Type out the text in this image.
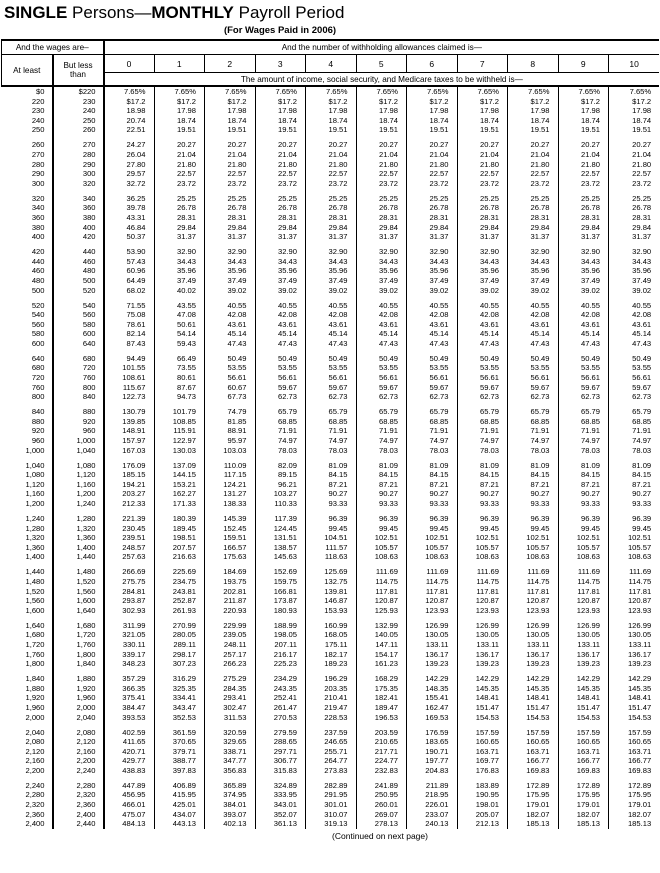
SINGLE Persons—MONTHLY Payroll Period
(For Wages Paid in 2006)
And the wages are–		And the number of withholding allowances claimed is—										
At least	But less than	0	1	2	3	4	5	6	7	8	9	10
		The amount of income, social security, and Medicare taxes to be withheld is—										
$0	$220	7.65%	7.65%	7.65%	7.65%	7.65%	7.65%	7.65%	7.65%	7.65%	7.65%	7.65%
220	230	$17.2	$17.2	$17.2	$17.2	$17.2	$17.2	$17.2	$17.2	$17.2	$17.2	$17.2
230	240	18.98	17.98	17.98	17.98	17.98	17.98	17.98	17.98	17.98	17.98	17.98
240	250	20.74	18.74	18.74	18.74	18.74	18.74	18.74	18.74	18.74	18.74	18.74
250	260	22.51	19.51	19.51	19.51	19.51	19.51	19.51	19.51	19.51	19.51	19.51
260	270	24.27	20.27	20.27	20.27	20.27	20.27	20.27	20.27	20.27	20.27	20.27
270	280	26.04	21.04	21.04	21.04	21.04	21.04	21.04	21.04	21.04	21.04	21.04
280	290	27.80	21.80	21.80	21.80	21.80	21.80	21.80	21.80	21.80	21.80	21.80
290	300	29.57	22.57	22.57	22.57	22.57	22.57	22.57	22.57	22.57	22.57	22.57
300	320	32.72	23.72	23.72	23.72	23.72	23.72	23.72	23.72	23.72	23.72	23.72
320	340	36.25	25.25	25.25	25.25	25.25	25.25	25.25	25.25	25.25	25.25	25.25
340	360	39.78	26.78	26.78	26.78	26.78	26.78	26.78	26.78	26.78	26.78	26.78
360	380	43.31	28.31	28.31	28.31	28.31	28.31	28.31	28.31	28.31	28.31	28.31
380	400	46.84	29.84	29.84	29.84	29.84	29.84	29.84	29.84	29.84	29.84	29.84
400	420	50.37	31.37	31.37	31.37	31.37	31.37	31.37	31.37	31.37	31.37	31.37
420	440	53.90	32.90	32.90	32.90	32.90	32.90	32.90	32.90	32.90	32.90	32.90
440	460	57.43	34.43	34.43	34.43	34.43	34.43	34.43	34.43	34.43	34.43	34.43
460	480	60.96	35.96	35.96	35.96	35.96	35.96	35.96	35.96	35.96	35.96	35.96
480	500	64.49	37.49	37.49	37.49	37.49	37.49	37.49	37.49	37.49	37.49	37.49
500	520	68.02	40.02	39.02	39.02	39.02	39.02	39.02	39.02	39.02	39.02	39.02
520	540	71.55	43.55	40.55	40.55	40.55	40.55	40.55	40.55	40.55	40.55	40.55
540	560	75.08	47.08	42.08	42.08	42.08	42.08	42.08	42.08	42.08	42.08	42.08
560	580	78.61	50.61	43.61	43.61	43.61	43.61	43.61	43.61	43.61	43.61	43.61
580	600	82.14	54.14	45.14	45.14	45.14	45.14	45.14	45.14	45.14	45.14	45.14
600	640	87.43	59.43	47.43	47.43	47.43	47.43	47.43	47.43	47.43	47.43	47.43
640	680	94.49	66.49	50.49	50.49	50.49	50.49	50.49	50.49	50.49	50.49	50.49
680	720	101.55	73.55	53.55	53.55	53.55	53.55	53.55	53.55	53.55	53.55	53.55
720	760	108.61	80.61	56.61	56.61	56.61	56.61	56.61	56.61	56.61	56.61	56.61
760	800	115.67	87.67	60.67	59.67	59.67	59.67	59.67	59.67	59.67	59.67	59.67
800	840	122.73	94.73	67.73	62.73	62.73	62.73	62.73	62.73	62.73	62.73	62.73
840	880	130.79	101.79	74.79	65.79	65.79	65.79	65.79	65.79	65.79	65.79	65.79
880	920	139.85	108.85	81.85	68.85	68.85	68.85	68.85	68.85	68.85	68.85	68.85
920	960	148.91	115.91	88.91	71.91	71.91	71.91	71.91	71.91	71.91	71.91	71.91
960	1,000	157.97	122.97	95.97	74.97	74.97	74.97	74.97	74.97	74.97	74.97	74.97
1,000	1,040	167.03	130.03	103.03	78.03	78.03	78.03	78.03	78.03	78.03	78.03	78.03
1,040	1,080	176.09	137.09	110.09	82.09	81.09	81.09	81.09	81.09	81.09	81.09	81.09
1,080	1,120	185.15	144.15	117.15	89.15	84.15	84.15	84.15	84.15	84.15	84.15	84.15
1,120	1,160	194.21	153.21	124.21	96.21	87.21	87.21	87.21	87.21	87.21	87.21	87.21
1,160	1,200	203.27	162.27	131.27	103.27	90.27	90.27	90.27	90.27	90.27	90.27	90.27
1,200	1,240	212.33	171.33	138.33	110.33	93.33	93.33	93.33	93.33	93.33	93.33	93.33
1,240	1,280	221.39	180.39	145.39	117.39	96.39	96.39	96.39	96.39	96.39	96.39	96.39
1,280	1,320	230.45	189.45	152.45	124.45	99.45	99.45	99.45	99.45	99.45	99.45	99.45
1,320	1,360	239.51	198.51	159.51	131.51	104.51	102.51	102.51	102.51	102.51	102.51	102.51
1,360	1,400	248.57	207.57	166.57	138.57	111.57	105.57	105.57	105.57	105.57	105.57	105.57
1,400	1,440	257.63	216.63	175.63	145.63	118.63	108.63	108.63	108.63	108.63	108.63	108.63
1,440	1,480	266.69	225.69	184.69	152.69	125.69	111.69	111.69	111.69	111.69	111.69	111.69
1,480	1,520	275.75	234.75	193.75	159.75	132.75	114.75	114.75	114.75	114.75	114.75	114.75
1,520	1,560	284.81	243.81	202.81	166.81	139.81	117.81	117.81	117.81	117.81	117.81	117.81
1,560	1,600	293.87	252.87	211.87	173.87	146.87	120.87	120.87	120.87	120.87	120.87	120.87
1,600	1,640	302.93	261.93	220.93	180.93	153.93	125.93	123.93	123.93	123.93	123.93	123.93
1,640	1,680	311.99	270.99	229.99	188.99	160.99	132.99	126.99	126.99	126.99	126.99	126.99
1,680	1,720	321.05	280.05	239.05	198.05	168.05	140.05	130.05	130.05	130.05	130.05	130.05
1,720	1,760	330.11	289.11	248.11	207.11	175.11	147.11	133.11	133.11	133.11	133.11	133.11
1,760	1,800	339.17	298.17	257.17	216.17	182.17	154.17	136.17	136.17	136.17	136.17	136.17
1,800	1,840	348.23	307.23	266.23	225.23	189.23	161.23	139.23	139.23	139.23	139.23	139.23
1,840	1,880	357.29	316.29	275.29	234.29	196.29	168.29	142.29	142.29	142.29	142.29	142.29
1,880	1,920	366.35	325.35	284.35	243.35	203.35	175.35	148.35	145.35	145.35	145.35	145.35
1,920	1,960	375.41	334.41	293.41	252.41	210.41	182.41	155.41	148.41	148.41	148.41	148.41
1,960	2,000	384.47	343.47	302.47	261.47	219.47	189.47	162.47	151.47	151.47	151.47	151.47
2,000	2,040	393.53	352.53	311.53	270.53	228.53	196.53	169.53	154.53	154.53	154.53	154.53
2,040	2,080	402.59	361.59	320.59	279.59	237.59	203.59	176.59	157.59	157.59	157.59	157.59
2,080	2,120	411.65	370.65	329.65	288.65	246.65	210.65	183.65	160.65	160.65	160.65	160.65
2,120	2,160	420.71	379.71	338.71	297.71	255.71	217.71	190.71	163.71	163.71	163.71	163.71
2,160	2,200	429.77	388.77	347.77	306.77	264.77	224.77	197.77	169.77	166.77	166.77	166.77
2,200	2,240	438.83	397.83	356.83	315.83	273.83	232.83	204.83	176.83	169.83	169.83	169.83
2,240	2,280	447.89	406.89	365.89	324.89	282.89	241.89	211.89	183.89	172.89	172.89	172.89
2,280	2,320	456.95	415.95	374.95	333.95	291.95	250.95	218.95	190.95	175.95	175.95	175.95
2,320	2,360	466.01	425.01	384.01	343.01	301.01	260.01	226.01	198.01	179.01	179.01	179.01
2,360	2,400	475.07	434.07	393.07	352.07	310.07	269.07	233.07	205.07	182.07	182.07	182.07
2,400	2,440	484.13	443.13	402.13	361.13	319.13	278.13	240.13	212.13	185.13	185.13	185.13
(Continued on next page)
